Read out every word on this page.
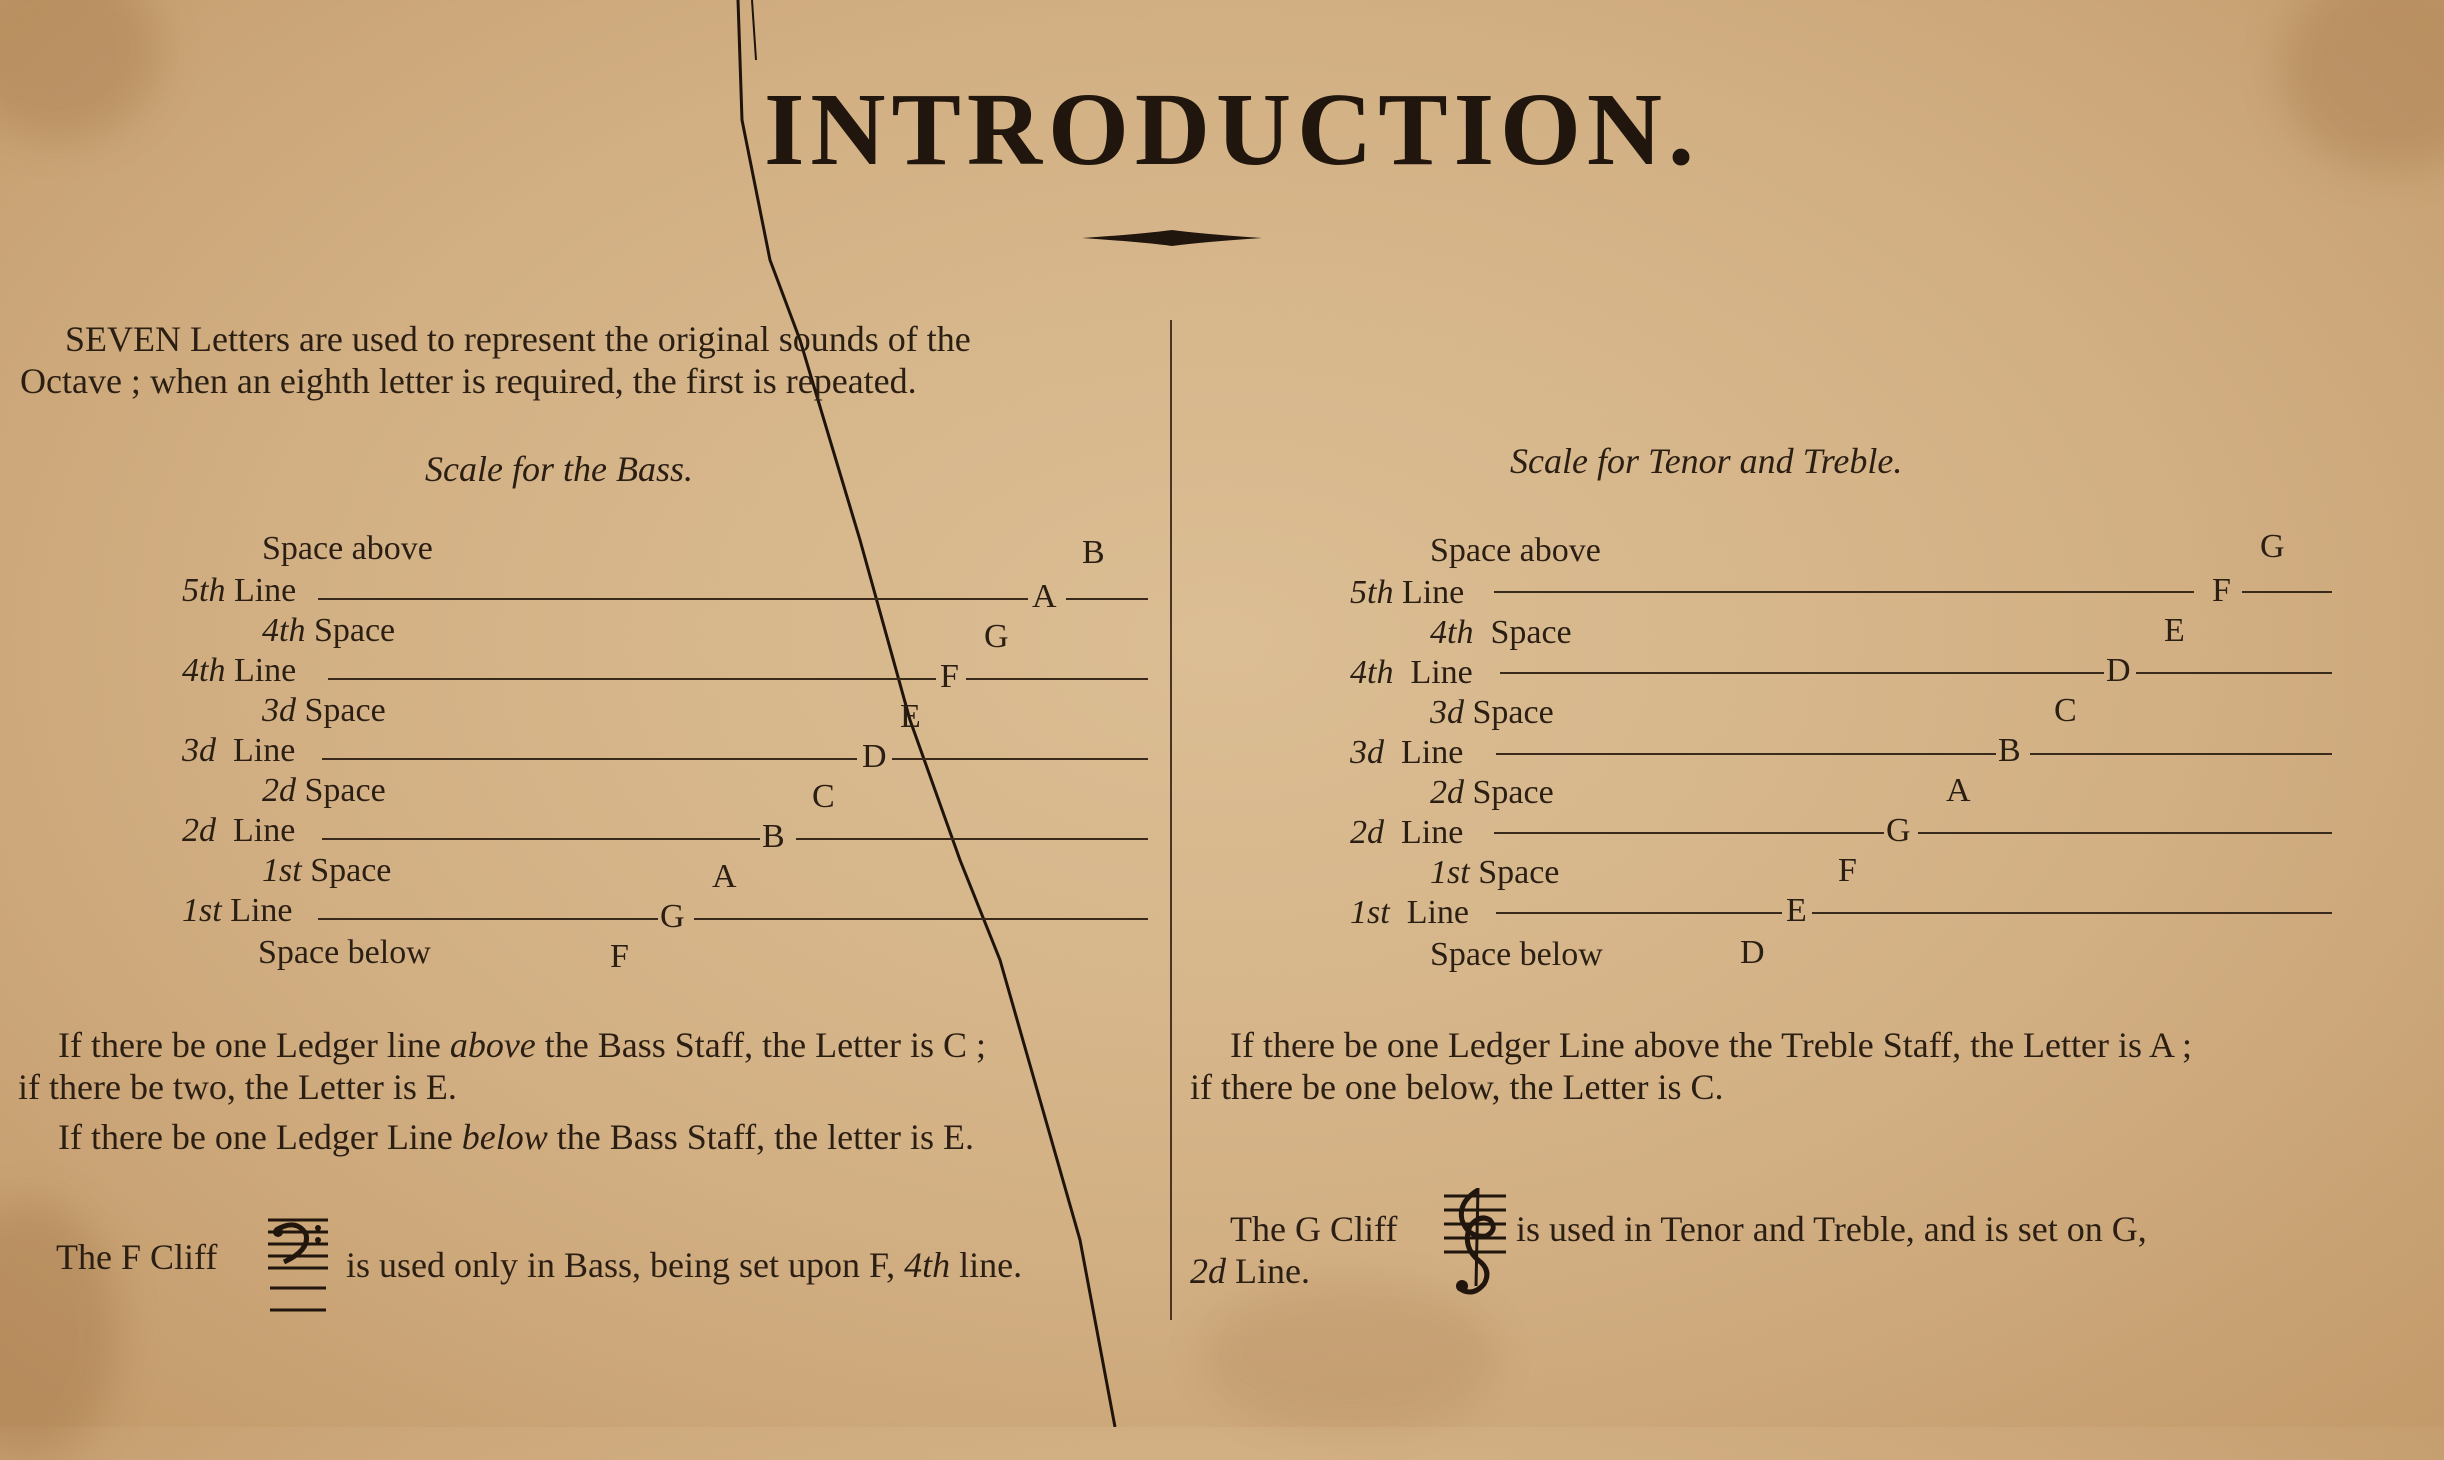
INTRODUCTION.
SEVEN Letters are used to represent the original sounds of the
Octave ; when an eighth letter is required, the first is repeated.
Scale for the Bass.
Space above	B
5th Line	A
4th Space	G
4th Line	F
3d Space	E
3d  Line	D
2d Space	C
2d  Line	B
1st Space	A
1st Line	G
Space below	F
If there be one Ledger line above the Bass Staff, the Letter is C ;
if there be two, the Letter is E.
If there be one Ledger Line below the Bass Staff, the letter is E.
The F Cliff	is used only in Bass, being set upon F, 4th line.
Scale for Tenor and Treble.
Space above	G
5th Line	F
4th  Space	E
4th  Line	D
3d Space	C
3d  Line	B
2d Space	A
2d  Line	G
1st Space	F
1st  Line	E
Space below	D
If there be one Ledger Line above the Treble Staff, the Letter is A ;
if there be one below, the Letter is C.
The G Cliff	is used in Tenor and Treble, and is set on G,
2d Line.
